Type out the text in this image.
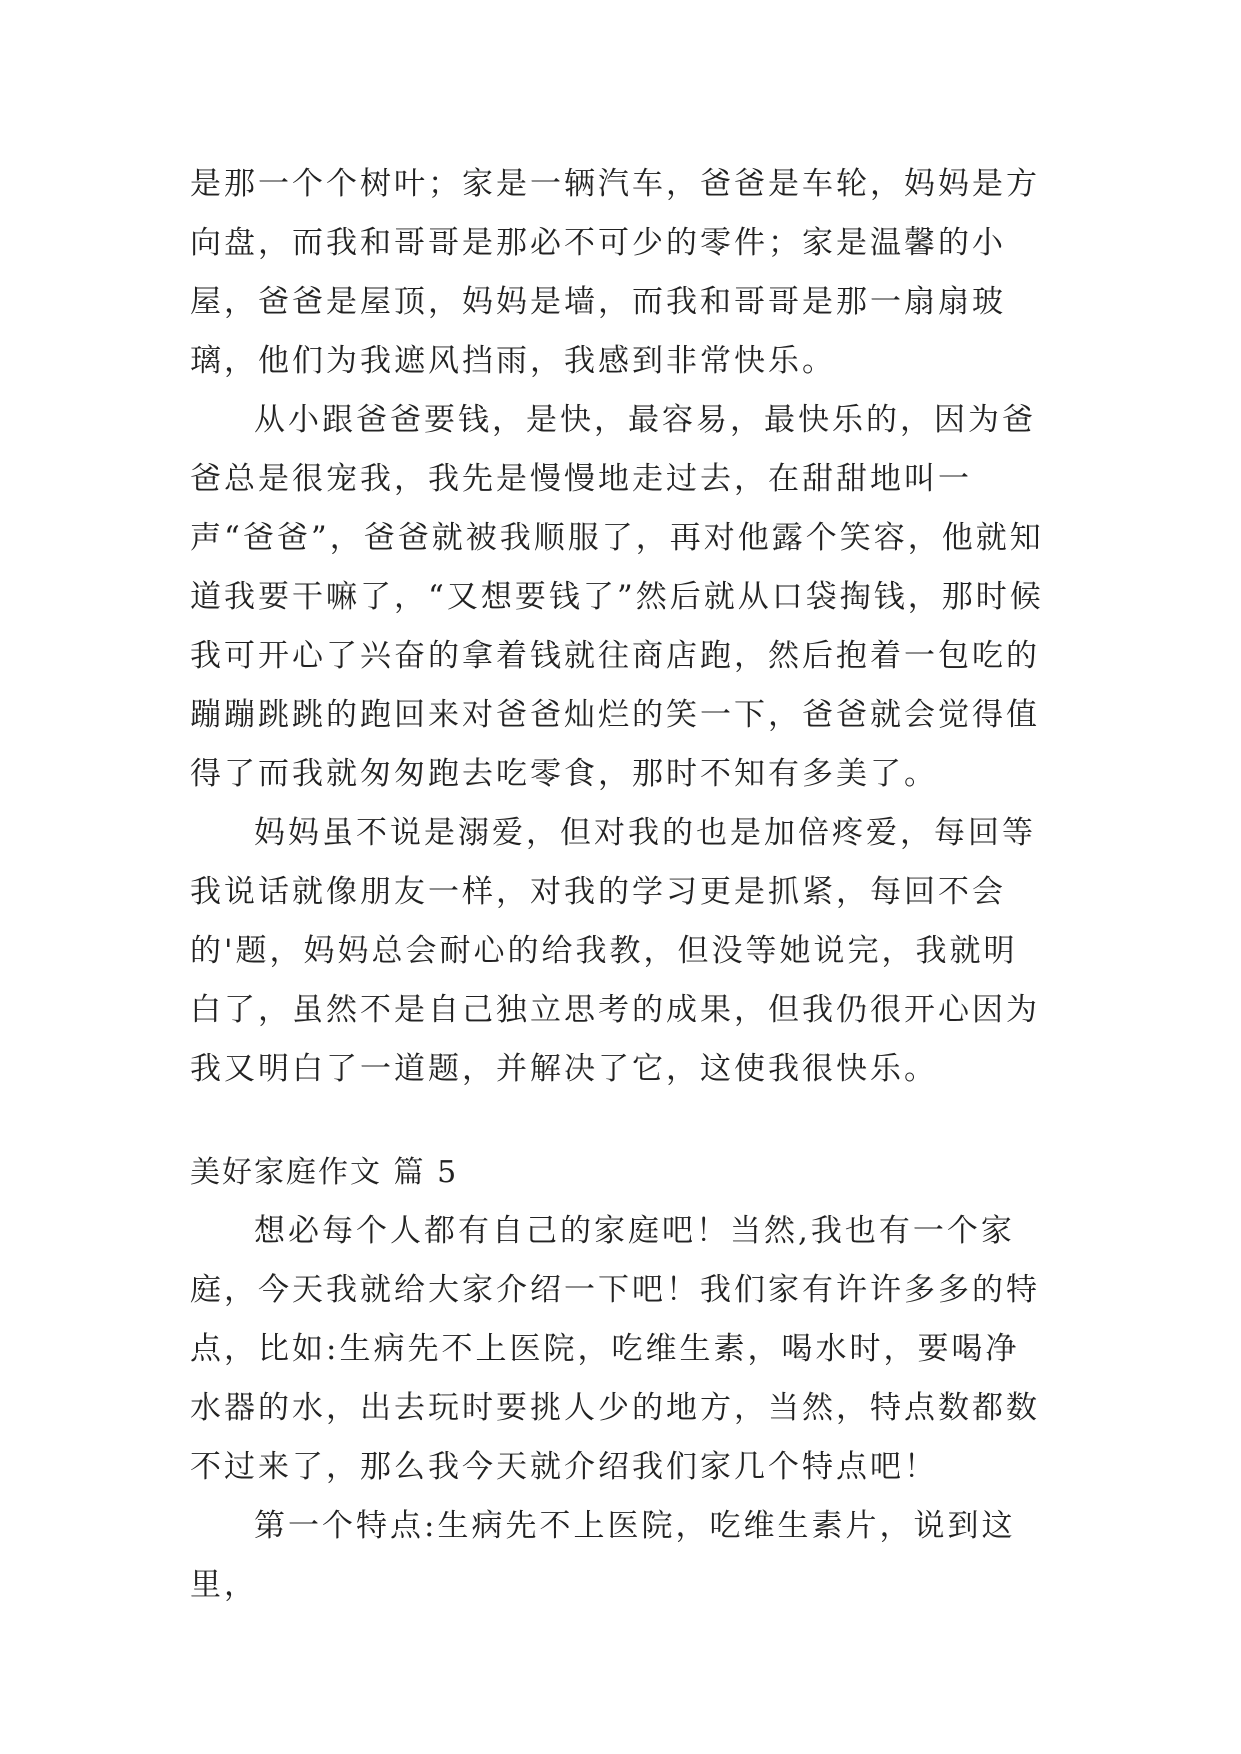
是那一个个树叶；家是一辆汽车，爸爸是车轮，妈妈是方向盘，而我和哥哥是那必不可少的零件；家是温馨的小屋，爸爸是屋顶，妈妈是墙，而我和哥哥是那一扇扇玻璃，他们为我遮风挡雨，我感到非常快乐。

从小跟爸爸要钱，是快，最容易，最快乐的，因为爸爸总是很宠我，我先是慢慢地走过去，在甜甜地叫一声“爸爸”，爸爸就被我顺服了，再对他露个笑容，他就知道我要干嘛了，“又想要钱了”然后就从口袋掏钱，那时候我可开心了兴奋的拿着钱就往商店跑，然后抱着一包吃的蹦蹦跳跳的跑回来对爸爸灿烂的笑一下，爸爸就会觉得值得了而我就匆匆跑去吃零食，那时不知有多美了。

妈妈虽不说是溺爱，但对我的也是加倍疼爱，每回等我说话就像朋友一样，对我的学习更是抓紧，每回不会的'题，妈妈总会耐心的给我教，但没等她说完，我就明白了，虽然不是自己独立思考的成果，但我仍很开心因为我又明白了一道题，并解决了它，这使我很快乐。

美好家庭作文 篇 5

想必每个人都有自己的家庭吧！当然,我也有一个家庭，今天我就给大家介绍一下吧！我们家有许许多多的特点，比如:生病先不上医院，吃维生素，喝水时，要喝净水器的水，出去玩时要挑人少的地方，当然，特点数都数不过来了，那么我今天就介绍我们家几个特点吧！

第一个特点:生病先不上医院，吃维生素片，说到这里，
